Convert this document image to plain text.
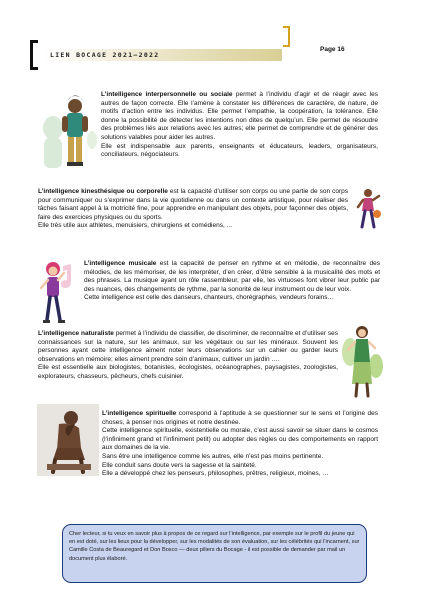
LIEN BOCAGE 2021—2022
Page 16

L’intelligence interpersonnelle ou sociale permet à l’individu d’agir et de réagir avec les autres de façon correcte. Elle l’amène à constater les différences de caractère, de nature, de motifs d’action entre les individus. Elle permet l’empathie, la coopération, la tolérance. Elle donne la possibilité de détecter les intentions non dites de quelqu’un. Elle permet de résoudre des problèmes liés aux relations avec les autres; elle permet de comprendre et de générer des solutions valables pour aider les autres.

Elle est indispensable aux parents, enseignants et éducateurs, leaders, organisateurs, conciliateurs, négociateurs.

L’intelligence kinesthésique ou corporelle est la capacité d’utiliser son corps ou une partie de son corps pour communiquer ou s’exprimer dans la vie quotidienne ou dans un contexte artistique, pour réaliser des tâches faisant appel à la motricité fine, pour apprendre en manipulant des objets, pour façonner des objets, faire des exercices physiques ou du sports.

Elle très utile aux athlètes, menuisiers, chirurgiens et comédiens, ...

L’intelligence musicale est la capacité de penser en rythme et en mélodie, de reconnaître des mélodies, de les mémoriser, de les interpréter, d’en créer, d’être sensible à la musicalité des mots et des phrases. La musique ayant un rôle rassembleur, par elle, les virtuoses font vibrer leur public par des nuances, des changements de rythme, par la sonorité de leur instrument ou de leur voix.

Cette intelligence est celle des danseurs, chanteurs, chorégraphes, vendeurs forains…

L’intelligence naturaliste permet à l’individu de classifier, de discriminer, de reconnaître et d’utiliser ses connaissances sur la nature, sur les animaux, sur les végétaux ou sur les minéraux. Souvent les personnes ayant cette intelligence aiment noter leurs observations sur un cahier ou garder leurs observations en mémoire; elles aiment prendre soin d’animaux, cultiver un jardin ….

Elle est essentielle aux biologistes, botanistes, écologistes, océanographes, paysagistes, zoologistes, explorateurs, chasseurs, pêcheurs, chefs cuisinier.

L’intelligence spirituelle correspond à l’aptitude à se questionner sur le sens et l’origine des choses, à penser nos origines et notre destinée.

Cette intelligence spirituelle, existentielle ou morale, c’est aussi savoir se situer dans le cosmos (l’infiniment grand et l’infiniment petit) ou adopter des règles ou des comportements en rapport aux domaines de la vie.

Sans être une intelligence comme les autres, elle n’est pas moins pertinente.

Elle conduit sans doute vers la sagesse et la sainteté.

Elle a développé chez les penseurs, philosophes, prêtres, religieux, moines, …

Cher lecteur, si tu veux en savoir plus à propos de ce regard sur l’intelligence, par exemple sur le profil du jeune qui en est doté, sur les lieux pour la développer, sur les modalités de son évaluation, sur les célébrités qui l’incarnent, sur Camille Costa de Beauregard et Don Bosco — deux piliers du Bocage - il est possible de demander par mail un document plus élaboré.
